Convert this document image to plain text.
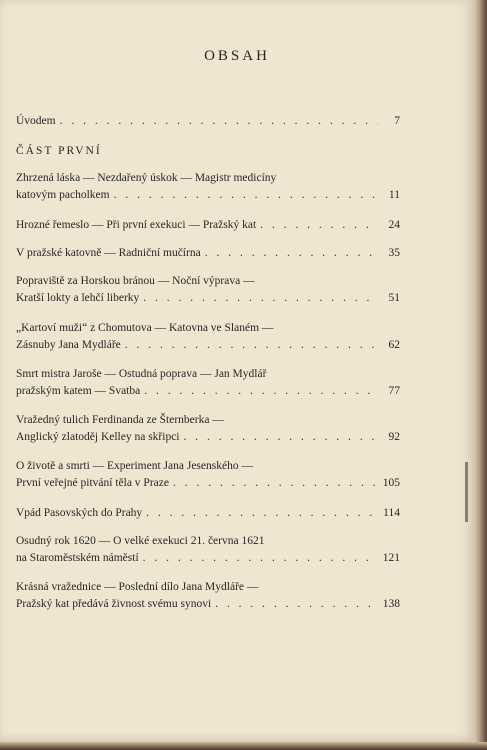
OBSAH
Úvodem . . .	7
ČÁST PRVNÍ
Zhrzená láska — Nezdařený úskok — Magistr medicíny
katovým pacholkem . . .	11
Hrozné řemeslo — Při první exekuci — Pražský kat . . .	24
V pražské katovně — Radniční mučírna . . .	35
Popraviště za Horskou bránou — Noční výprava —
Kratší lokty a lehčí liberky . . .	51
„Kartoví muži“ z Chomutova — Katovna ve Slaném —
Zásnuby Jana Mydláře . . .	62
Smrt mistra Jaroše — Ostudná poprava — Jan Mydlář
pražským katem — Svatba . . .	77
Vražedný tulich Ferdinanda ze Šternberka —
Anglický zlatoděj Kelley na skřipci . . .	92
O životě a smrti — Experiment Jana Jesenského —
První veřejné pitvání těla v Praze . . .	105
Vpád Pasovských do Prahy . . .	114
Osudný rok 1620 — O velké exekuci 21. června 1621
na Staroměstském náměstí . . .	121
Krásná vražednice — Poslední dílo Jana Mydláře —
Pražský kat předává živnost svému synovi . . .	138
